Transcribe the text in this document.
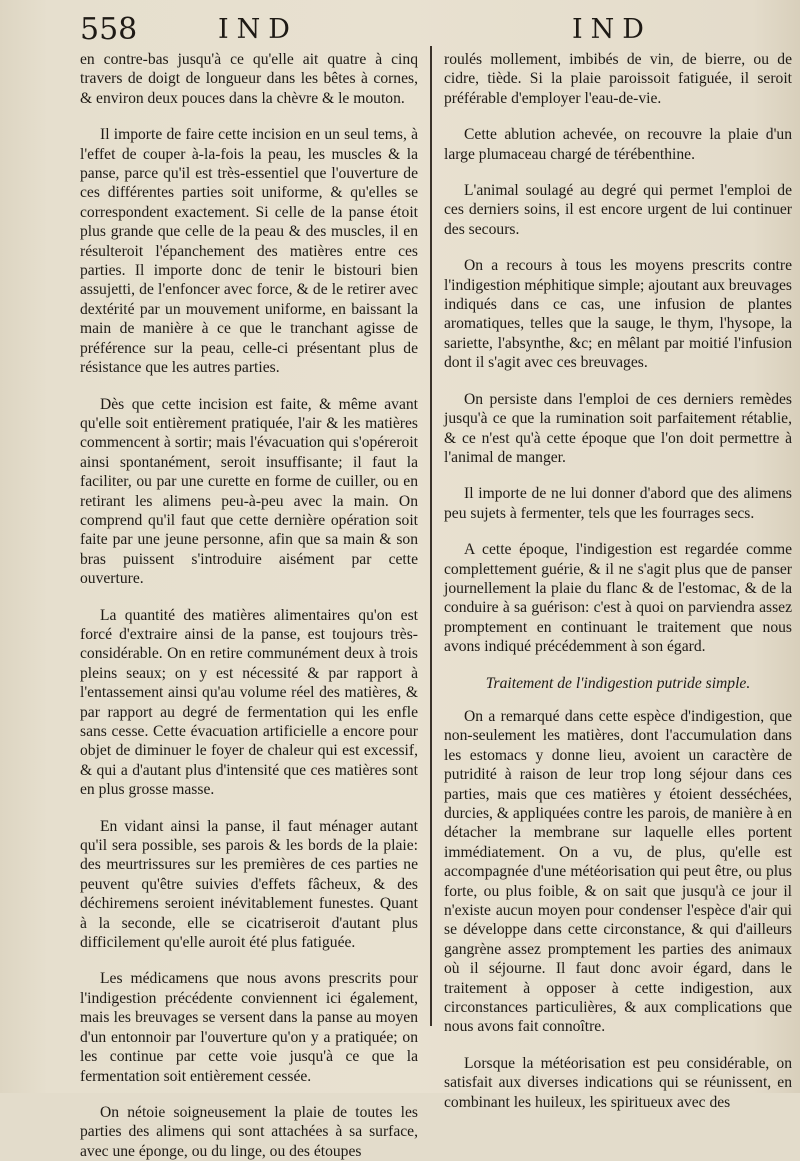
558	IND	IND

en contre-bas jusqu'à ce qu'elle ait quatre à cinq travers de doigt de longueur dans les bêtes à cornes, & environ deux pouces dans la chèvre & le mouton.

Il importe de faire cette incision en un seul tems, à l'effet de couper à-la-fois la peau, les muscles & la panse, parce qu'il est très-essentiel que l'ouverture de ces différentes parties soit uniforme, & qu'elles se correspondent exactement. Si celle de la panse étoit plus grande que celle de la peau & des muscles, il en résulteroit l'épanchement des matières entre ces parties. Il importe donc de tenir le bistouri bien assujetti, de l'enfoncer avec force, & de le retirer avec dextérité par un mouvement uniforme, en baissant la main de manière à ce que le tranchant agisse de préférence sur la peau, celle-ci présentant plus de résistance que les autres parties.

Dès que cette incision est faite, & même avant qu'elle soit entièrement pratiquée, l'air & les matières commencent à sortir; mais l'évacuation qui s'opéreroit ainsi spontanément, seroit insuffisante; il faut la faciliter, ou par une curette en forme de cuiller, ou en retirant les alimens peu-à-peu avec la main. On comprend qu'il faut que cette dernière opération soit faite par une jeune personne, afin que sa main & son bras puissent s'introduire aisément par cette ouverture.

La quantité des matières alimentaires qu'on est forcé d'extraire ainsi de la panse, est toujours très-considérable. On en retire communément deux à trois pleins seaux; on y est nécessité & par rapport à l'entassement ainsi qu'au volume réel des matières, & par rapport au degré de fermentation qui les enfle sans cesse. Cette évacuation artificielle a encore pour objet de diminuer le foyer de chaleur qui est excessif, & qui a d'autant plus d'intensité que ces matières sont en plus grosse masse.

En vidant ainsi la panse, il faut ménager autant qu'il sera possible, ses parois & les bords de la plaie: des meurtrissures sur les premières de ces parties ne peuvent qu'être suivies d'effets fâcheux, & des déchiremens seroient inévitablement funestes. Quant à la seconde, elle se cicatriseroit d'autant plus difficilement qu'elle auroit été plus fatiguée.

Les médicamens que nous avons prescrits pour l'indigestion précédente conviennent ici également, mais les breuvages se versent dans la panse au moyen d'un entonnoir par l'ouverture qu'on y a pratiquée; on les continue par cette voie jusqu'à ce que la fermentation soit entièrement cessée.

On nétoie soigneusement la plaie de toutes les parties des alimens qui sont attachées à sa surface, avec une éponge, ou du linge, ou des étoupes

roulés mollement, imbibés de vin, de bierre, ou de cidre, tiède. Si la plaie paroissoit fatiguée, il seroit préférable d'employer l'eau-de-vie.

Cette ablution achevée, on recouvre la plaie d'un large plumaceau chargé de térébenthine.

L'animal soulagé au degré qui permet l'emploi de ces derniers soins, il est encore urgent de lui continuer des secours.

On a recours à tous les moyens prescrits contre l'indigestion méphitique simple; ajoutant aux breuvages indiqués dans ce cas, une infusion de plantes aromatiques, telles que la sauge, le thym, l'hysope, la sariette, l'absynthe, &c; en mêlant par moitié l'infusion dont il s'agit avec ces breuvages.

On persiste dans l'emploi de ces derniers remèdes jusqu'à ce que la rumination soit parfaitement rétablie, & ce n'est qu'à cette époque que l'on doit permettre à l'animal de manger.

Il importe de ne lui donner d'abord que des alimens peu sujets à fermenter, tels que les fourrages secs.

A cette époque, l'indigestion est regardée comme complettement guérie, & il ne s'agit plus que de panser journellement la plaie du flanc & de l'estomac, & de la conduire à sa guérison: c'est à quoi on parviendra assez promptement en continuant le traitement que nous avons indiqué précédemment à son égard.

Traitement de l'indigestion putride simple.

On a remarqué dans cette espèce d'indigestion, que non-seulement les matières, dont l'accumulation dans les estomacs y donne lieu, avoient un caractère de putridité à raison de leur trop long séjour dans ces parties, mais que ces matières y étoient desséchées, durcies, & appliquées contre les parois, de manière à en détacher la membrane sur laquelle elles portent immédiatement. On a vu, de plus, qu'elle est accompagnée d'une météorisation qui peut être, ou plus forte, ou plus foible, & on sait que jusqu'à ce jour il n'existe aucun moyen pour condenser l'espèce d'air qui se développe dans cette circonstance, & qui d'ailleurs gangrène assez promptement les parties des animaux où il séjourne. Il faut donc avoir égard, dans le traitement à opposer à cette indigestion, aux circonstances particulières, & aux complications que nous avons fait connoître.

Lorsque la météorisation est peu considérable, on satisfait aux diverses indications qui se réunissent, en combinant les huileux, les spiritueux avec des
